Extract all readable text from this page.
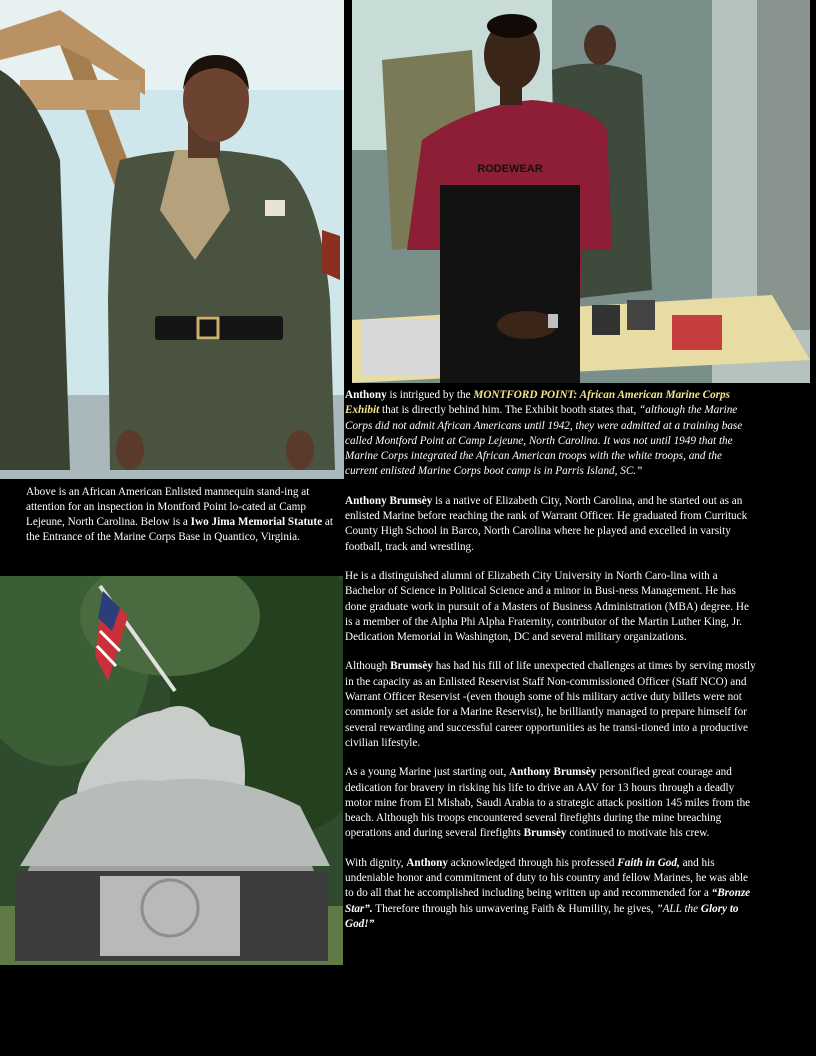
RODEWEAR
Above is an African American Enlisted mannequin stand-ing at attention for an inspection in Montford Point lo-cated at Camp Lejeune, North Carolina. Below is a Iwo Jima Memorial Statute at the Entrance of the Marine Corps Base in Quantico, Virginia.

Anthony is intrigued by the MONTFORD POINT: African American Marine Corps Exhibit that is directly behind him. The Exhibit booth states that, “although the Marine Corps did not admit African Americans until 1942, they were admitted at a training base called Montford Point at Camp Lejeune, North Carolina. It was not until 1949 that the Marine Corps integrated the African American troops with the white troops, and the current enlisted Marine Corps boot camp is in Parris Island, SC.”

Anthony Brumsèy is a native of Elizabeth City, North Carolina, and he started out as an enlisted Marine before reaching the rank of Warrant Officer. He graduated from Currituck County High School in Barco, North Carolina where he played and excelled in varsity football, track and wrestling.

He is a distinguished alumni of Elizabeth City University in North Caro-lina with a Bachelor of Science in Political Science and a minor in Busi-ness Management. He has done graduate work in pursuit of a Masters of Business Administration (MBA) degree. He is a member of the Alpha Phi Alpha Fraternity, contributor of the Martin Luther King, Jr. Dedication Memorial in Washington, DC and several military organizations.

Although Brumsèy has had his fill of life unexpected challenges at times by serving mostly in the capacity as an Enlisted Reservist Staff Non-commissioned Officer (Staff NCO) and Warrant Officer Reservist -(even though some of his military active duty billets were not commonly set aside for a Marine Reservist), he brilliantly managed to prepare himself for several rewarding and successful career opportunities as he transi-tioned into a productive civilian lifestyle.

As a young Marine just starting out, Anthony Brumsèy personified great courage and dedication for bravery in risking his life to drive an AAV for 13 hours through a deadly motor mine from El Mishab, Saudi Arabia to a strategic attack position 145 miles from the beach. Although his troops encountered several firefights during the mine breaching operations and during several firefights Brumsèy continued to motivate his crew.

With dignity, Anthony acknowledged through his professed Faith in God, and his undeniable honor and commitment of duty to his country and fellow Marines, he was able to do all that he accomplished including being written up and recommended for a “Bronze Star”. Therefore through his unwavering Faith & Humility, he gives, ”ALL the Glory to God!”
